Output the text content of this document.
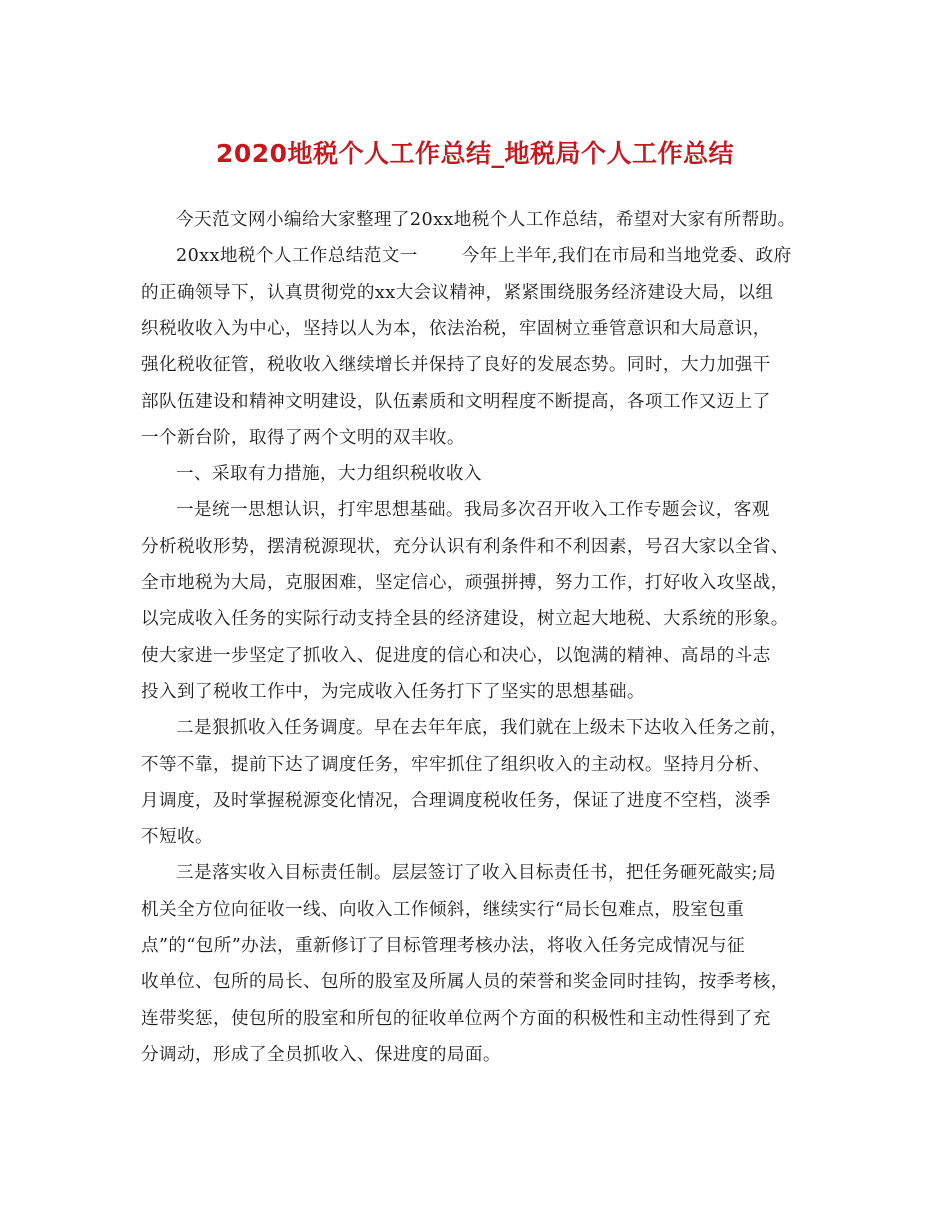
2020地税个人工作总结_地税局个人工作总结
今天范文网小编给大家整理了20xx地税个人工作总结，希望对大家有所帮助。
20xx地税个人工作总结范文一	今年上半年,我们在市局和当地党委、政府
的正确领导下，认真贯彻党的xx大会议精神，紧紧围绕服务经济建设大局，以组
织税收收入为中心，坚持以人为本，依法治税，牢固树立垂管意识和大局意识，
强化税收征管，税收收入继续增长并保持了良好的发展态势。同时，大力加强干
部队伍建设和精神文明建设，队伍素质和文明程度不断提高，各项工作又迈上了
一个新台阶，取得了两个文明的双丰收。
一、采取有力措施，大力组织税收收入
一是统一思想认识，打牢思想基础。我局多次召开收入工作专题会议，客观
分析税收形势，摆清税源现状，充分认识有利条件和不利因素，号召大家以全省、
全市地税为大局，克服困难，坚定信心，顽强拼搏，努力工作，打好收入攻坚战，
以完成收入任务的实际行动支持全县的经济建设，树立起大地税、大系统的形象。
使大家进一步坚定了抓收入、促进度的信心和决心，以饱满的精神、高昂的斗志
投入到了税收工作中，为完成收入任务打下了坚实的思想基础。
二是狠抓收入任务调度。早在去年年底，我们就在上级未下达收入任务之前，
不等不靠，提前下达了调度任务，牢牢抓住了组织收入的主动权。坚持月分析、
月调度，及时掌握税源变化情况，合理调度税收任务，保证了进度不空档，淡季
不短收。
三是落实收入目标责任制。层层签订了收入目标责任书，把任务砸死敲实;局
机关全方位向征收一线、向收入工作倾斜，继续实行“局长包难点，股室包重
点”的“包所”办法，重新修订了目标管理考核办法，将收入任务完成情况与征
收单位、包所的局长、包所的股室及所属人员的荣誉和奖金同时挂钩，按季考核，
连带奖惩，使包所的股室和所包的征收单位两个方面的积极性和主动性得到了充
分调动，形成了全员抓收入、保进度的局面。
